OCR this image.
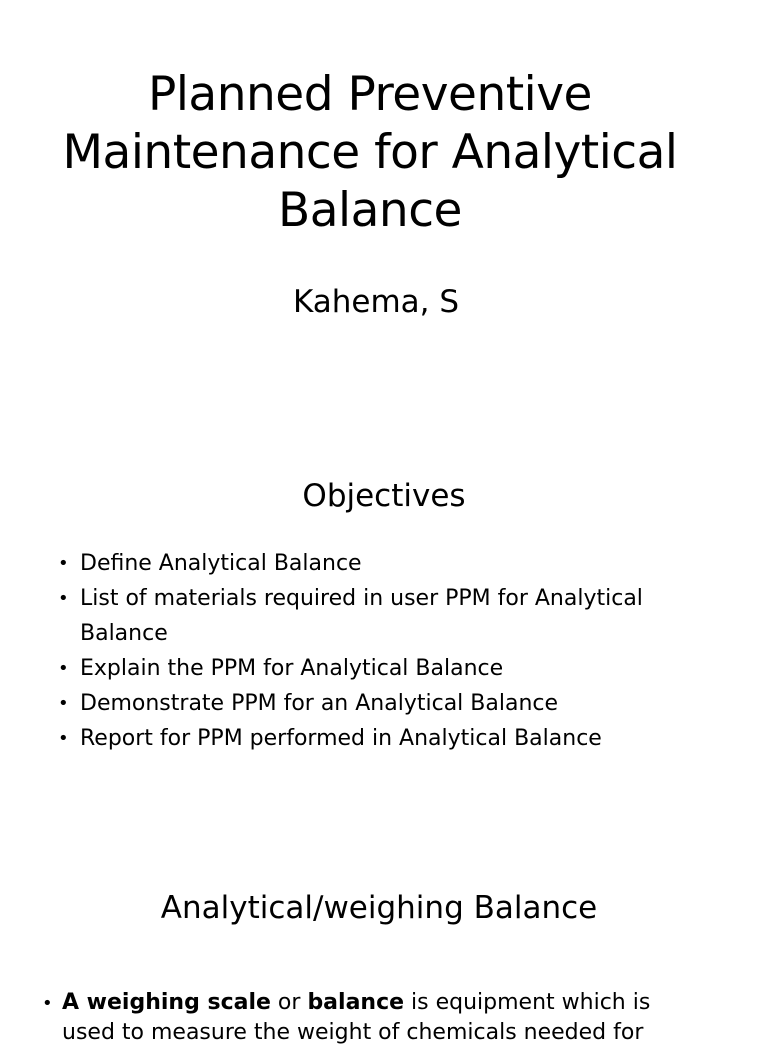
Planned Preventive
Maintenance for Analytical
Balance
Kahema, S
Objectives
• Define Analytical Balance
• List of materials required in user PPM for Analytical
Balance
• Explain the PPM for Analytical Balance
• Demonstrate PPM for an Analytical Balance
• Report for PPM performed in Analytical Balance
Analytical/weighing Balance
• A weighing scale or balance is equipment which is
used to measure the weight of chemicals needed for
